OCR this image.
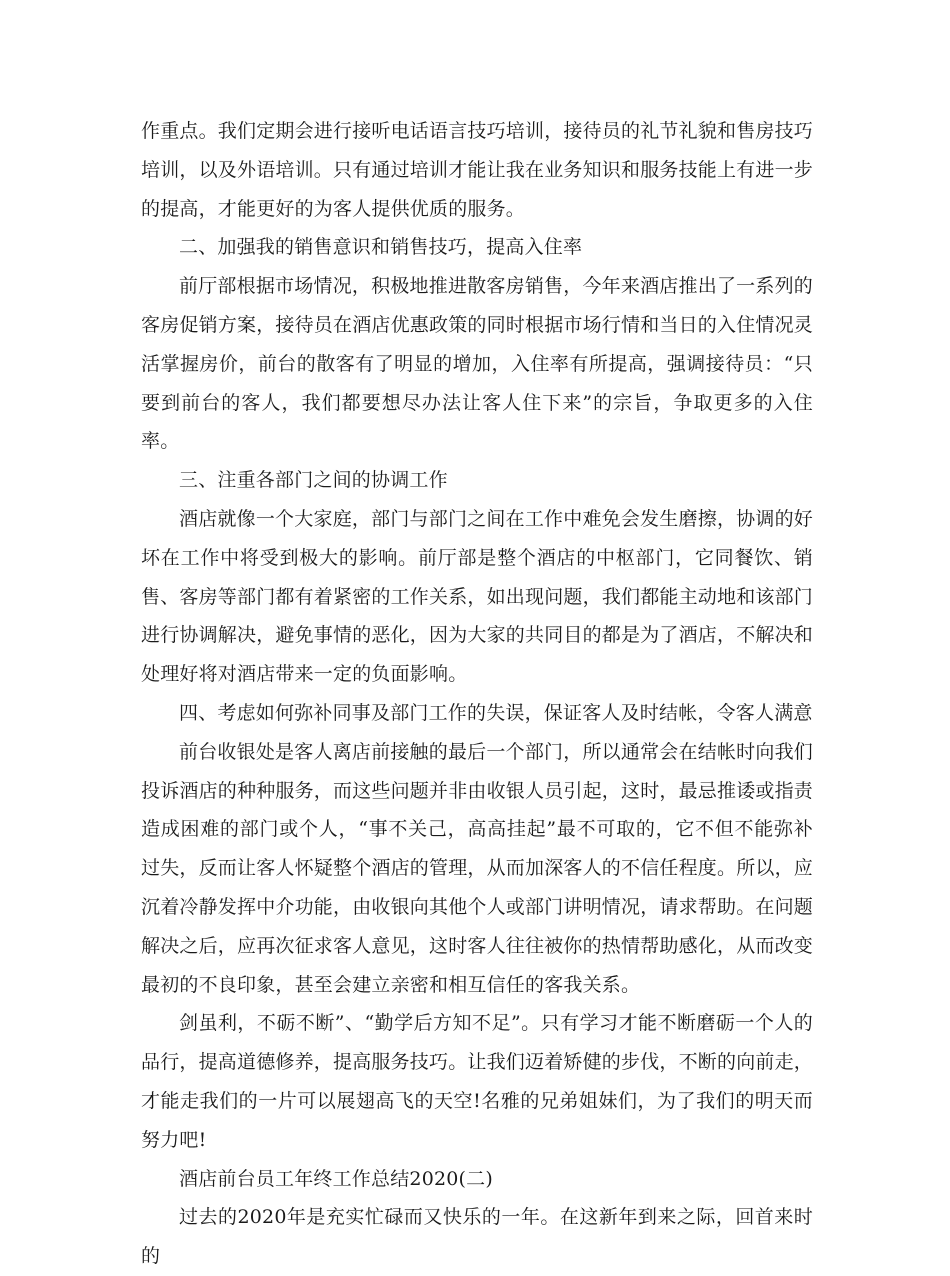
作重点。我们定期会进行接听电话语言技巧培训，接待员的礼节礼貌和售房技巧培训，以及外语培训。只有通过培训才能让我在业务知识和服务技能上有进一步的提高，才能更好的为客人提供优质的服务。

二、加强我的销售意识和销售技巧，提高入住率

前厅部根据市场情况，积极地推进散客房销售，今年来酒店推出了一系列的客房促销方案，接待员在酒店优惠政策的同时根据市场行情和当日的入住情况灵活掌握房价，前台的散客有了明显的增加，入住率有所提高，强调接待员：“只要到前台的客人，我们都要想尽办法让客人住下来”的宗旨，争取更多的入住率。

三、注重各部门之间的协调工作

酒店就像一个大家庭，部门与部门之间在工作中难免会发生磨擦，协调的好坏在工作中将受到极大的影响。前厅部是整个酒店的中枢部门，它同餐饮、销售、客房等部门都有着紧密的工作关系，如出现问题，我们都能主动地和该部门进行协调解决，避免事情的恶化，因为大家的共同目的都是为了酒店，不解决和处理好将对酒店带来一定的负面影响。

四、考虑如何弥补同事及部门工作的失误，保证客人及时结帐，令客人满意

前台收银处是客人离店前接触的最后一个部门，所以通常会在结帐时向我们投诉酒店的种种服务，而这些问题并非由收银人员引起，这时，最忌推诿或指责造成困难的部门或个人，“事不关己，高高挂起”最不可取的，它不但不能弥补过失，反而让客人怀疑整个酒店的管理，从而加深客人的不信任程度。所以，应沉着冷静发挥中介功能，由收银向其他个人或部门讲明情况，请求帮助。在问题解决之后，应再次征求客人意见，这时客人往往被你的热情帮助感化，从而改变最初的不良印象，甚至会建立亲密和相互信任的客我关系。

剑虽利，不砺不断”、“勤学后方知不足”。只有学习才能不断磨砺一个人的品行，提高道德修养，提高服务技巧。让我们迈着矫健的步伐，不断的向前走，才能走我们的一片可以展翅高飞的天空!名雅的兄弟姐妹们，为了我们的明天而努力吧!

酒店前台员工年终工作总结2020(二)

过去的2020年是充实忙碌而又快乐的一年。在这新年到来之际，回首来时的
